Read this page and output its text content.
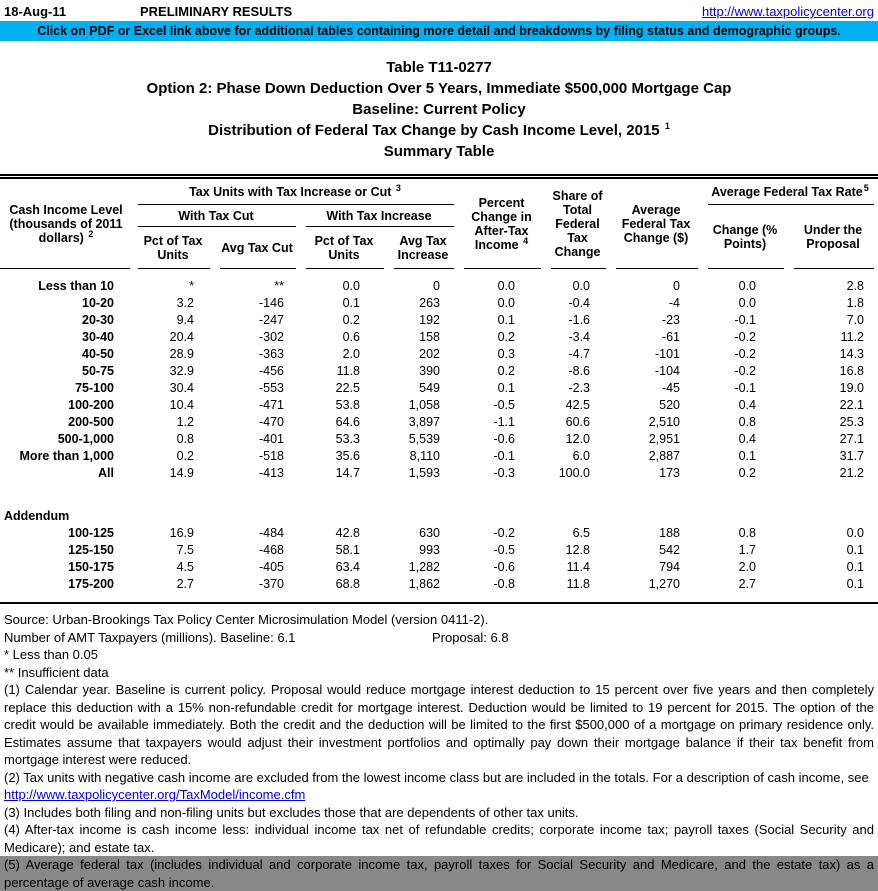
18-Aug-11	PRELIMINARY RESULTS	http://www.taxpolicycenter.org
Click on PDF or Excel link above for additional tables containing more detail and breakdowns by filing status and demographic groups.
Table T11-0277
Option 2: Phase Down Deduction Over 5 Years, Immediate $500,000 Mortgage Cap
Baseline: Current Policy
Distribution of Federal Tax Change by Cash Income Level, 2015 $^1$
Summary Table
Cash Income Level (thousands of 2011 dollars) $^2$	Tax Units with Tax Increase or Cut $^3$				Percent Change in After-Tax Income $^4$	Share of Total Federal Tax Change	Average Federal Tax Change ($)	Average Federal Tax Rate$^5$
	With Tax Cut		With Tax Increase					Change (% Points)	Under the Proposal
	Pct of Tax Units	Avg Tax Cut	Pct of Tax Units	Avg Tax Increase					
Less than 10	*	**	0.0	0	0.0	0.0	0	0.0	2.8
10-20	3.2	-146	0.1	263	0.0	-0.4	-4	0.0	1.8
20-30	9.4	-247	0.2	192	0.1	-1.6	-23	-0.1	7.0
30-40	20.4	-302	0.6	158	0.2	-3.4	-61	-0.2	11.2
40-50	28.9	-363	2.0	202	0.3	-4.7	-101	-0.2	14.3
50-75	32.9	-456	11.8	390	0.2	-8.6	-104	-0.2	16.8
75-100	30.4	-553	22.5	549	0.1	-2.3	-45	-0.1	19.0
100-200	10.4	-471	53.8	1,058	-0.5	42.5	520	0.4	22.1
200-500	1.2	-470	64.6	3,897	-1.1	60.6	2,510	0.8	25.3
500-1,000	0.8	-401	53.3	5,539	-0.6	12.0	2,951	0.4	27.1
More than 1,000	0.2	-518	35.6	8,110	-0.1	6.0	2,887	0.1	31.7
All	14.9	-413	14.7	1,593	-0.3	100.0	173	0.2	21.2

Addendum									
100-125	16.9	-484	42.8	630	-0.2	6.5	188	0.8	0.0
125-150	7.5	-468	58.1	993	-0.5	12.8	542	1.7	0.1
150-175	4.5	-405	63.4	1,282	-0.6	11.4	794	2.0	0.1
175-200	2.7	-370	68.8	1,862	-0.8	11.8	1,270	2.7	0.1

Source: Urban-Brookings Tax Policy Center Microsimulation Model (version 0411-2).

Number of AMT Taxpayers (millions). Baseline: 6.1	Proposal: 6.8

* Less than 0.05

** Insufficient data

(1) Calendar year. Baseline is current policy. Proposal would reduce mortgage interest deduction to 15 percent over five years and then completely replace this deduction with a 15% non-refundable credit for mortgage interest. Deduction would be limited to 19 percent for 2015. The option of the credit would be available immediately. Both the credit and the deduction will be limited to the first $500,000 of a mortgage on primary residence only. Estimates assume that taxpayers would adjust their investment portfolios and optimally pay down their mortgage balance if their tax benefit from mortgage interest were reduced.

(2) Tax units with negative cash income are excluded from the lowest income class but are included in the totals. For a description of cash income, see

http://www.taxpolicycenter.org/TaxModel/income.cfm

(3) Includes both filing and non-filing units but excludes those that are dependents of other tax units.

(4) After-tax income is cash income less: individual income tax net of refundable credits; corporate income tax; payroll taxes (Social Security and Medicare); and estate tax.

(5) Average federal tax (includes individual and corporate income tax, payroll taxes for Social Security and Medicare, and the estate tax) as a percentage of average cash income.
